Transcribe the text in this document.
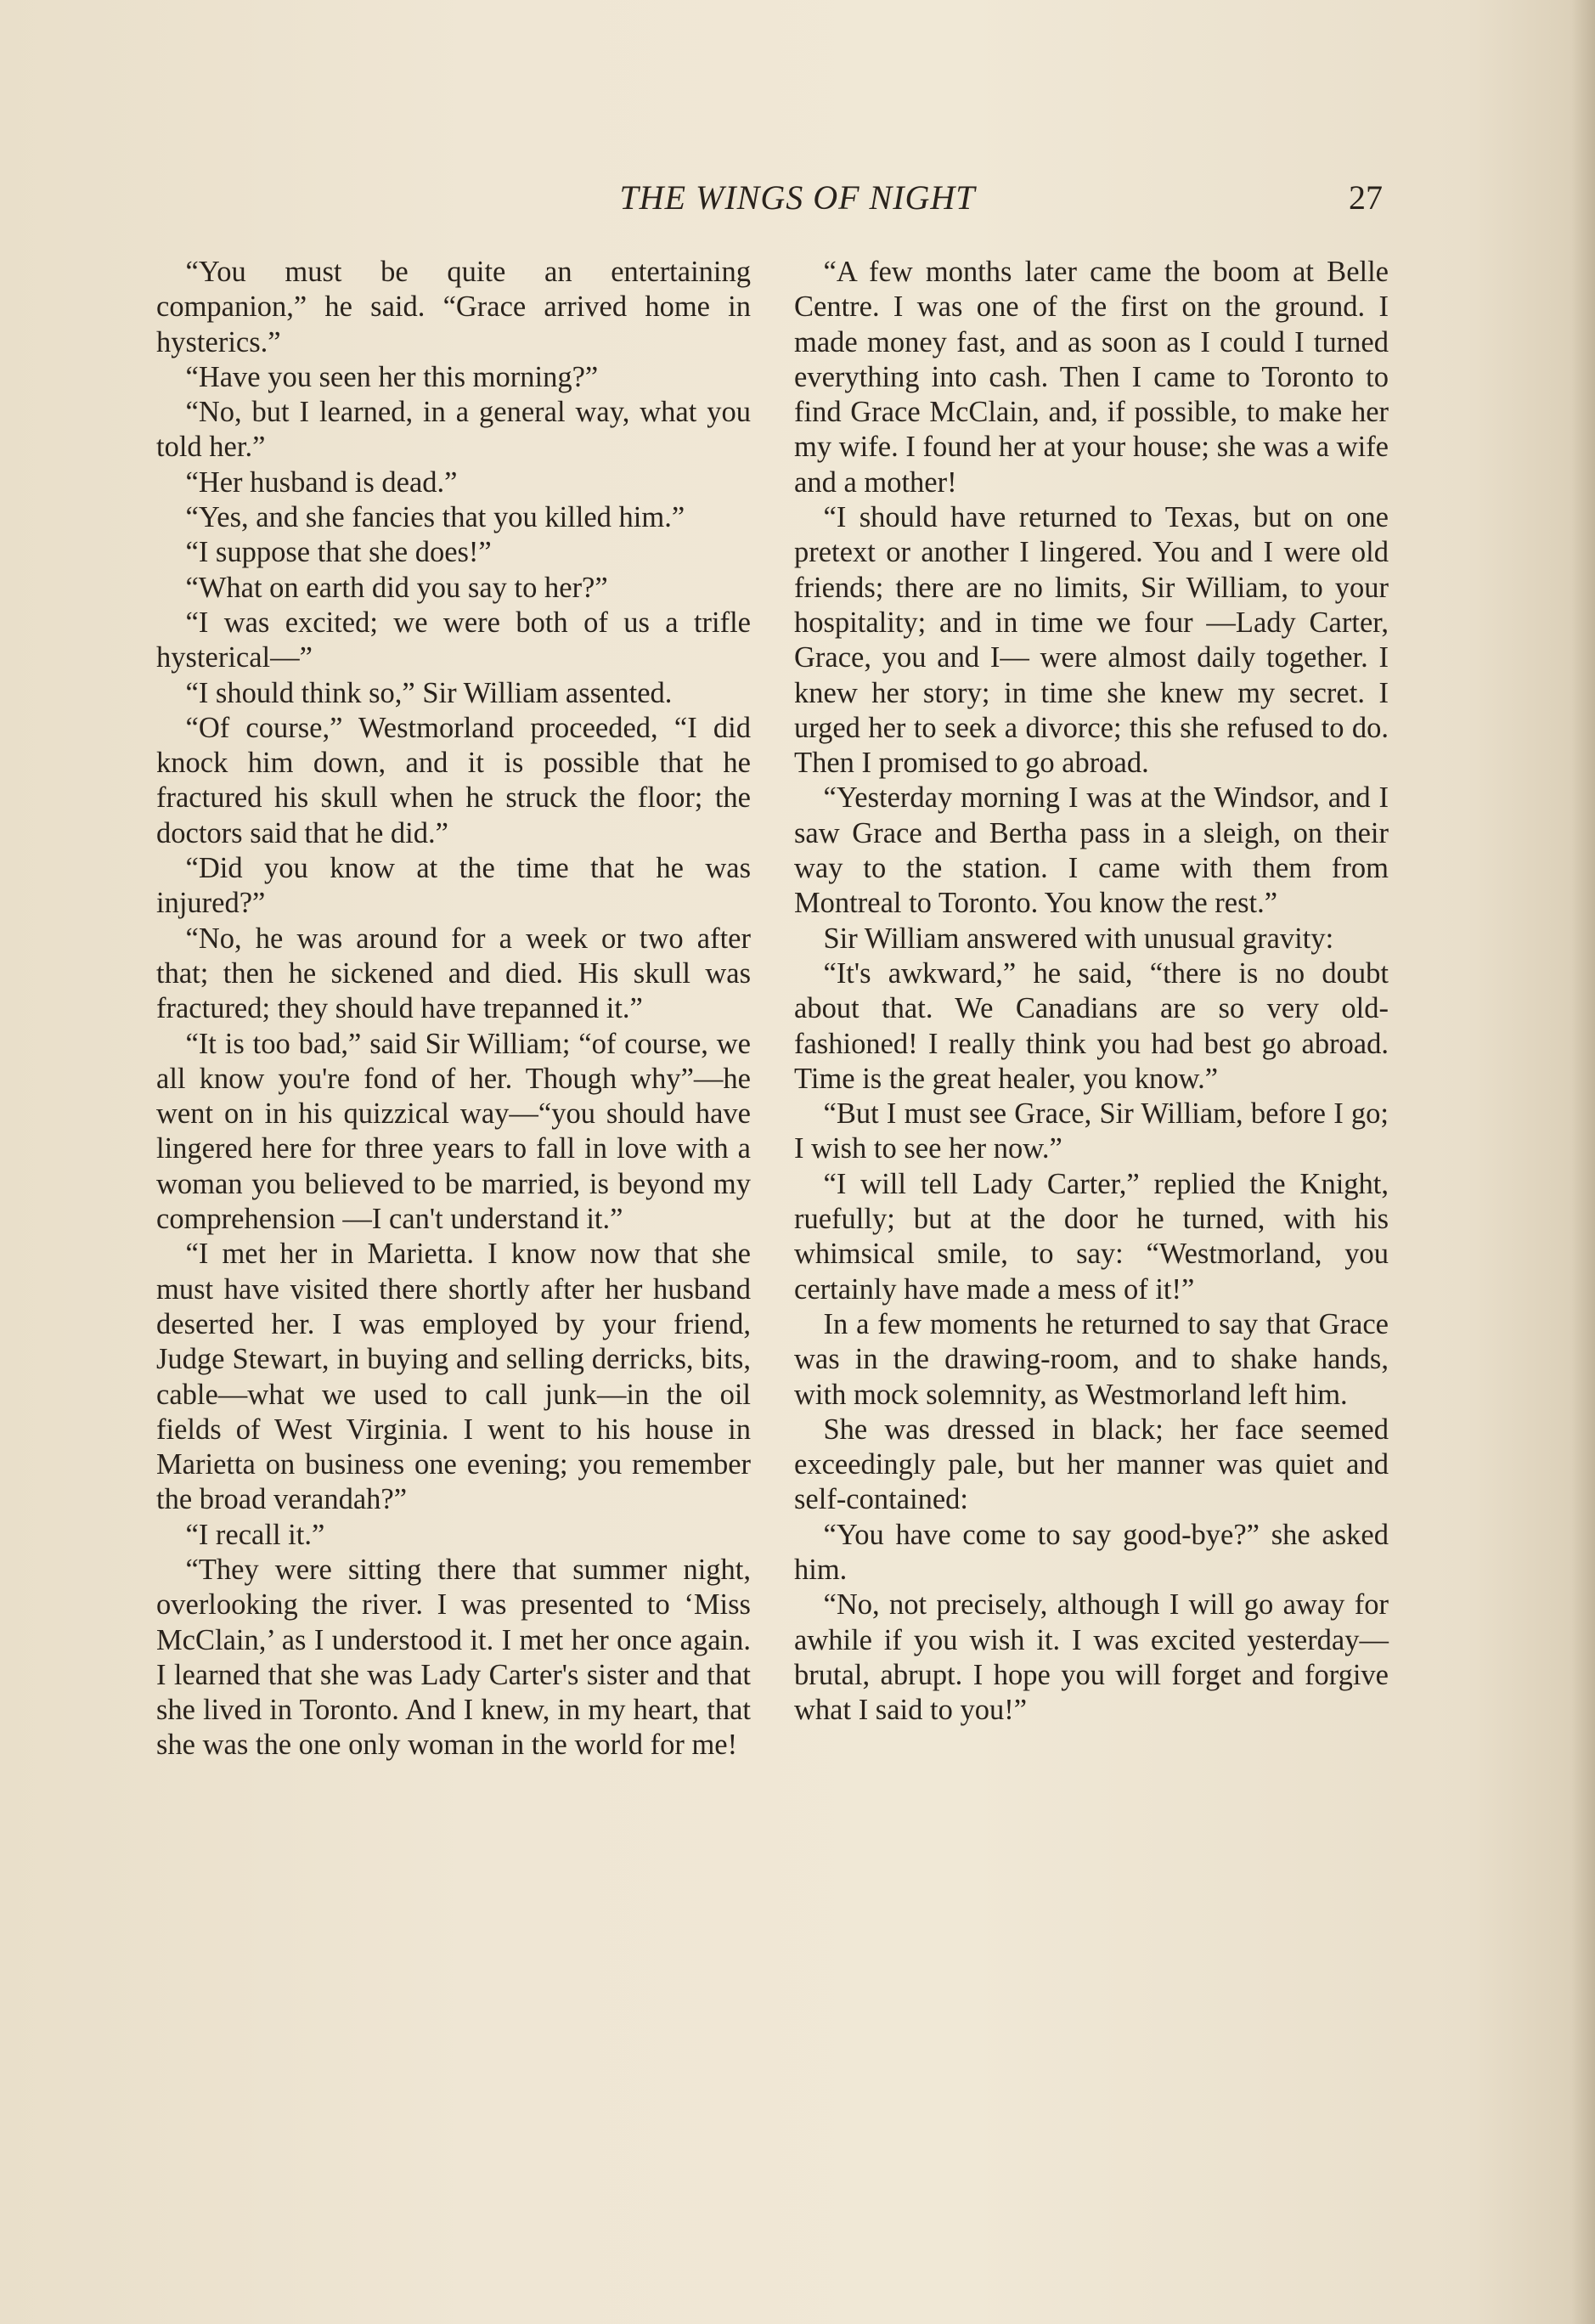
THE WINGS OF NIGHT	27

“You must be quite an entertaining companion,” he said. “Grace arrived home in hysterics.”

“Have you seen her this morning?”

“No, but I learned, in a general way, what you told her.”

“Her husband is dead.”

“Yes, and she fancies that you killed him.”

“I suppose that she does!”

“What on earth did you say to her?”

“I was excited; we were both of us a trifle hysterical—”

“I should think so,” Sir William assented.

“Of course,” Westmorland proceeded, “I did knock him down, and it is possible that he fractured his skull when he struck the floor; the doctors said that he did.”

“Did you know at the time that he was injured?”

“No, he was around for a week or two after that; then he sickened and died. His skull was fractured; they should have trepanned it.”

“It is too bad,” said Sir William; “of course, we all know you're fond of her. Though why”—he went on in his quizzical way—“you should have lingered here for three years to fall in love with a woman you believed to be married, is beyond my comprehension —I can't understand it.”

“I met her in Marietta. I know now that she must have visited there shortly after her husband deserted her. I was employed by your friend, Judge Stewart, in buying and selling derricks, bits, cable—what we used to call junk—in the oil fields of West Virginia. I went to his house in Marietta on business one evening; you remember the broad verandah?”

“I recall it.”

“They were sitting there that summer night, overlooking the river. I was presented to ‘Miss McClain,’ as I understood it. I met her once again. I learned that she was Lady Carter's sister and that she lived in Toronto. And I knew, in my heart, that she was the one only woman in the world for me!

“A few months later came the boom at Belle Centre. I was one of the first on the ground. I made money fast, and as soon as I could I turned everything into cash. Then I came to Toronto to find Grace McClain, and, if possible, to make her my wife. I found her at your house; she was a wife and a mother!

“I should have returned to Texas, but on one pretext or another I lingered. You and I were old friends; there are no limits, Sir William, to your hospitality; and in time we four —Lady Carter, Grace, you and I— were almost daily together. I knew her story; in time she knew my secret. I urged her to seek a divorce; this she refused to do. Then I promised to go abroad.

“Yesterday morning I was at the Windsor, and I saw Grace and Bertha pass in a sleigh, on their way to the station. I came with them from Montreal to Toronto. You know the rest.”

Sir William answered with unusual gravity:

“It's awkward,” he said, “there is no doubt about that. We Canadians are so very old-fashioned! I really think you had best go abroad. Time is the great healer, you know.”

“But I must see Grace, Sir William, before I go; I wish to see her now.”

“I will tell Lady Carter,” replied the Knight, ruefully; but at the door he turned, with his whimsical smile, to say: “Westmorland, you certainly have made a mess of it!”

In a few moments he returned to say that Grace was in the drawing-room, and to shake hands, with mock solemnity, as Westmorland left him.

She was dressed in black; her face seemed exceedingly pale, but her manner was quiet and self-contained:

“You have come to say good-bye?” she asked him.

“No, not precisely, although I will go away for awhile if you wish it. I was excited yesterday—brutal, abrupt. I hope you will forget and forgive what I said to you!”
